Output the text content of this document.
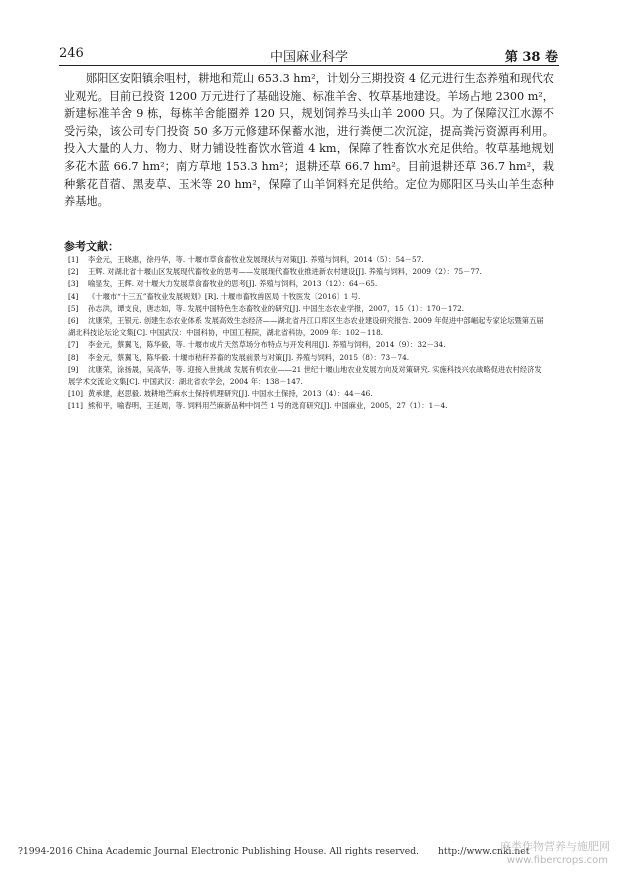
246	中国麻业科学	第 38 卷
郧阳区安阳镇余咀村，耕地和荒山 653.3 hm²，计划分三期投资 4 亿元进行生态养殖和现代农业观光。目前已投资 1200 万元进行了基础设施、标准羊舍、牧草基地建设。羊场占地 2300 m²，新建标准羊舍 9 栋，每栋羊舍能圈养 120 只，规划饲养马头山羊 2000 只。为了保障汉江水源不受污染，该公司专门投资 50 多万元修建环保蓄水池，进行粪便二次沉淀，提高粪污资源再利用。投入大量的人力、物力、财力铺设牲畜饮水管道 4 km，保障了牲畜饮水充足供给。牧草基地规划多花木蓝 66.7 hm²；南方草地 153.3 hm²；退耕还草 66.7 hm²。目前退耕还草 36.7 hm²，栽种紫花苜蓿、黑麦草、玉米等 20 hm²，保障了山羊饲料充足供给。定位为郧阳区马头山羊生态种养基地。
参考文献：

[1] 李金元，王晓惠，徐丹华，等. 十堰市草食畜牧业发展现状与对策[J]. 养殖与饲料，2014（5）：54－57.

[2] 王辉. 对湖北省十堰山区发展现代畜牧业的思考——发展现代畜牧业推进新农村建设[J]. 养殖与饲料，2009（2）：75－77.

[3] 喻显发，王辉. 对十堰大力发展草食畜牧业的思考[J]. 养殖与饲料，2013（12）：64－65.

[4] 《十堰市“十三五”畜牧业发展规划》[R]. 十堰市畜牧兽医局 十牧医发〔2016〕1 号.

[5] 孙志洪，谭支良，唐志如，等. 发展中国特色生态畜牧业的研究[J]. 中国生态农业学报，2007，15（1）：170－172.

[6] 沈康荣，王银元. 创建生态农业体系 发展高效生态经济——湖北省丹江口库区生态农业建设研究报告. 2009 年促进中部崛起专家论坛暨第五届湖北科技论坛论文集[C]. 中国武汉：中国科协，中国工程院，湖北省科协，2009 年：102－118.

[7] 李金元，蔡翼飞，陈华毅，等. 十堰市成片天然草场分布特点与开发利用[J]. 养殖与饲料，2014（9）：32－34.

[8] 李金元，蔡翼飞，陈华毅. 十堰市秸秆养畜的发展前景与对策[J]. 养殖与饲料，2015（8）：73－74.

[9] 沈康荣，涂扬晟，吴高华，等. 迎接入世挑战 发展有机农业——21 世纪十堰山地农业发展方向及对策研究. 实施科技兴农战略促进农村经济发展学术交流论文集[C]. 中国武汉：湖北省农学会，2004 年：138－147.

[10] 黄承建，赵思毅. 坡耕地苎麻水土保持机理研究[J]. 中国水土保持，2013（4）：44－46.

[11] 熊和平，喻春明，王延周，等. 饲料用苎麻新品种中饲苎 1 号的选育研究[J]. 中国麻业，2005，27（1）：1－4.

?1994-2016 China Academic Journal Electronic Publishing House. All rights reserved. http://www.cnki.net
麻类作物营养与施肥网
www.fibercrops.com
